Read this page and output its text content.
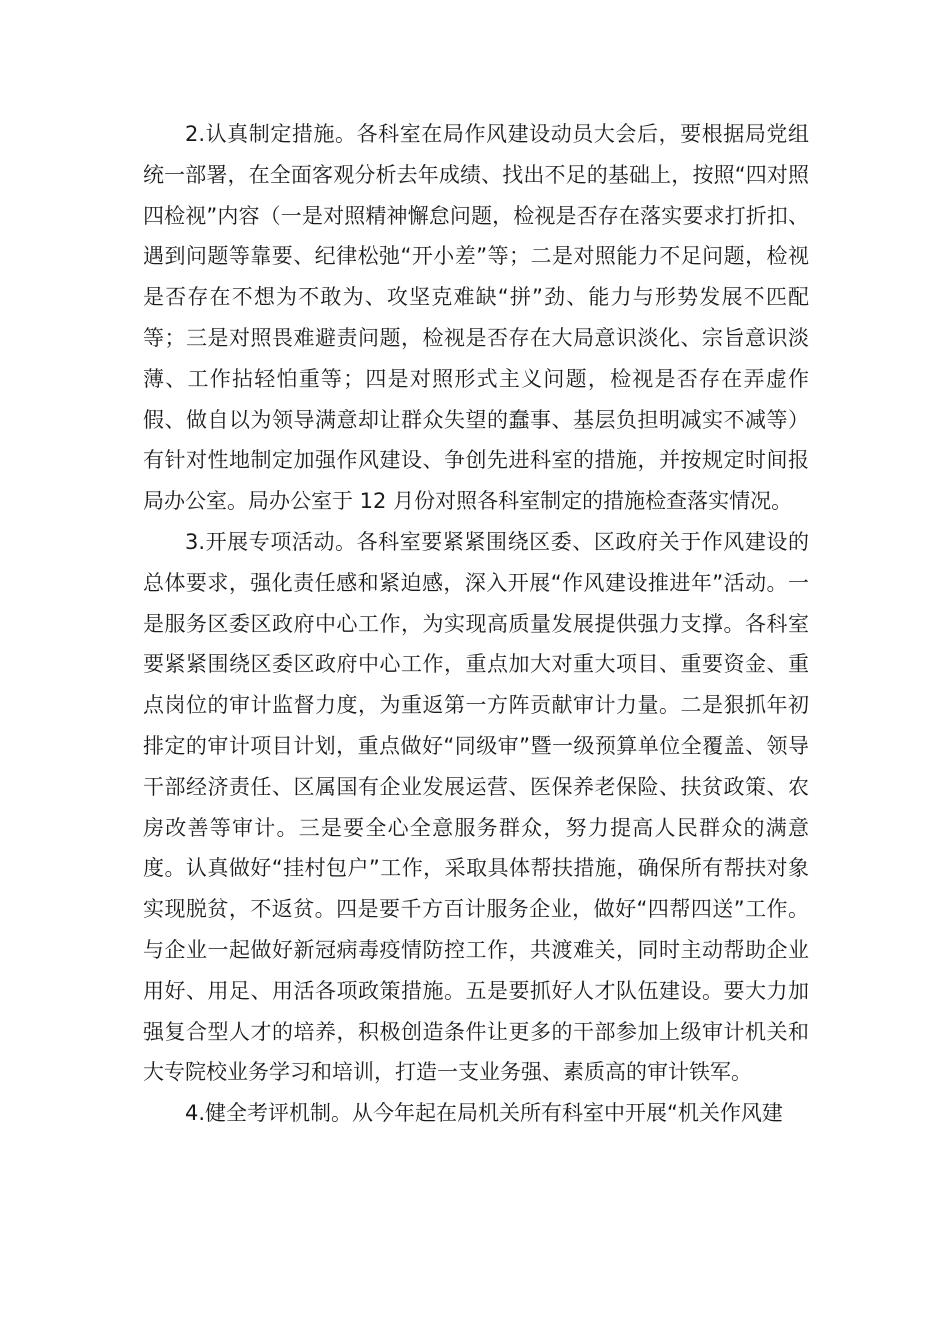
2.认真制定措施。各科室在局作风建设动员大会后，要根据局党组统一部署，在全面客观分析去年成绩、找出不足的基础上，按照“四对照四检视”内容（一是对照精神懈怠问题，检视是否存在落实要求打折扣、遇到问题等靠要、纪律松弛“开小差”等；二是对照能力不足问题，检视是否存在不想为不敢为、攻坚克难缺“拼”劲、能力与形势发展不匹配等；三是对照畏难避责问题，检视是否存在大局意识淡化、宗旨意识淡薄、工作拈轻怕重等；四是对照形式主义问题，检视是否存在弄虚作假、做自以为领导满意却让群众失望的蠢事、基层负担明减实不减等）有针对性地制定加强作风建设、争创先进科室的措施，并按规定时间报局办公室。局办公室于 12 月份对照各科室制定的措施检查落实情况。

3.开展专项活动。各科室要紧紧围绕区委、区政府关于作风建设的总体要求，强化责任感和紧迫感，深入开展“作风建设推进年”活动。一是服务区委区政府中心工作，为实现高质量发展提供强力支撑。各科室要紧紧围绕区委区政府中心工作，重点加大对重大项目、重要资金、重点岗位的审计监督力度，为重返第一方阵贡献审计力量。二是狠抓年初排定的审计项目计划，重点做好“同级审”暨一级预算单位全覆盖、领导干部经济责任、区属国有企业发展运营、医保养老保险、扶贫政策、农房改善等审计。三是要全心全意服务群众，努力提高人民群众的满意度。认真做好“挂村包户”工作，采取具体帮扶措施，确保所有帮扶对象实现脱贫，不返贫。四是要千方百计服务企业，做好“四帮四送”工作。与企业一起做好新冠病毒疫情防控工作，共渡难关，同时主动帮助企业用好、用足、用活各项政策措施。五是要抓好人才队伍建设。要大力加强复合型人才的培养，积极创造条件让更多的干部参加上级审计机关和大专院校业务学习和培训，打造一支业务强、素质高的审计铁军。

4.健全考评机制。从今年起在局机关所有科室中开展“机关作风建
